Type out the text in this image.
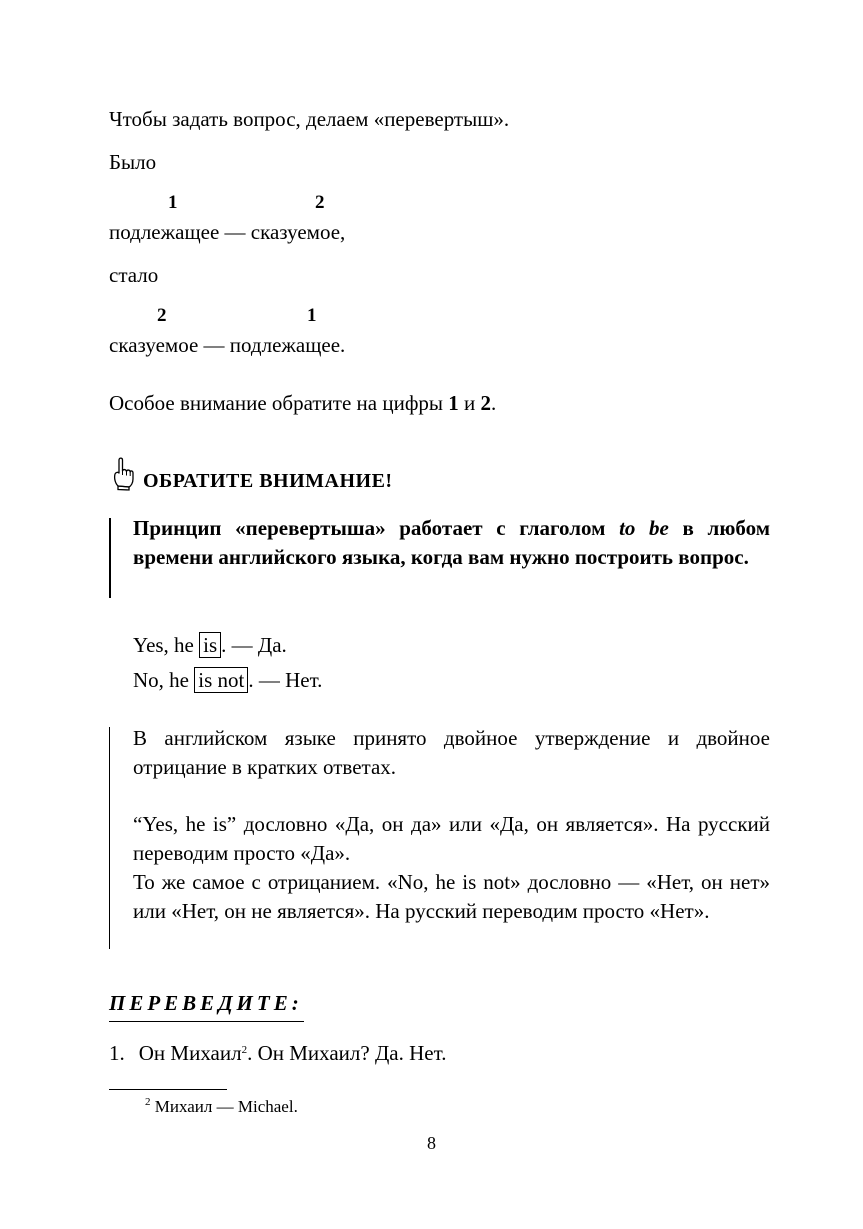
Чтобы задать вопрос, делаем «перевертыш».
Было
1	2
подлежащее — сказуемое,
стало
2	1
сказуемое — подлежащее.
Особое внимание обратите на цифры 1 и 2.
ОБРАТИТЕ ВНИМАНИЕ!
Принцип «перевертыша» работает с глаголом to be в любом времени английского языка, когда вам нужно построить вопрос.
Yes, he is . — Да.
No, he is not . — Нет.
В английском языке принято двойное утверждение и двойное отрицание в кратких ответах.
“Yes, he is” дословно «Да, он да» или «Да, он является». На русский переводим просто «Да».
То же самое с отрицанием. «No, he is not» дословно — «Нет, он нет» или «Нет, он не является». На русский переводим просто «Нет».
ПЕРЕВЕДИТЕ:
1. Он Михаил$^2$. Он Михаил? Да. Нет.
$^2$ Михаил — Michael.
8
